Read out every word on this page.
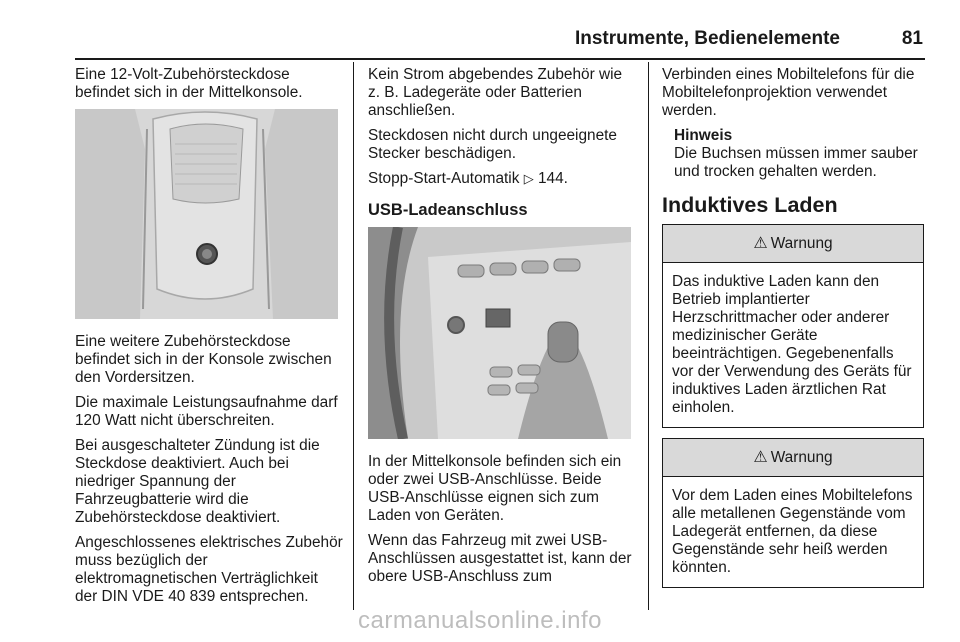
Instrumente, Bedienelemente	81

Eine 12-Volt-Zubehörsteckdose befindet sich in der Mittelkonsole.

Eine weitere Zubehörsteckdose befindet sich in der Konsole zwischen den Vordersitzen.

Die maximale Leistungsaufnahme darf 120 Watt nicht überschreiten.

Bei ausgeschalteter Zündung ist die Steckdose deaktiviert. Auch bei niedriger Spannung der Fahrzeugbatterie wird die Zubehörsteckdose deaktiviert.

Angeschlossenes elektrisches Zubehör muss bezüglich der elektromagnetischen Verträglichkeit der DIN VDE 40 839 entsprechen.

Kein Strom abgebendes Zubehör wie z. B. Ladegeräte oder Batterien anschließen.

Steckdosen nicht durch ungeeignete Stecker beschädigen.

Stopp-Start-Automatik ▷ 144.

USB-Ladeanschluss

In der Mittelkonsole befinden sich ein oder zwei USB-Anschlüsse. Beide USB-Anschlüsse eignen sich zum Laden von Geräten.

Wenn das Fahrzeug mit zwei USB-Anschlüssen ausgestattet ist, kann der obere USB-Anschluss zum

Verbinden eines Mobiltelefons für die Mobiltelefonprojektion verwendet werden.

Hinweis

Die Buchsen müssen immer sauber und trocken gehalten werden.

Induktives Laden

⚠ Warnung
Das induktive Laden kann den Betrieb implantierter Herzschrittmacher oder anderer medizinischer Geräte beeinträchtigen. Gegebenenfalls vor der Verwendung des Geräts für induktives Laden ärztlichen Rat einholen.
⚠ Warnung
Vor dem Laden eines Mobiltelefons alle metallenen Gegenstände vom Ladegerät entfernen, da diese Gegenstände sehr heiß werden könnten.
carmanualsonline.info
